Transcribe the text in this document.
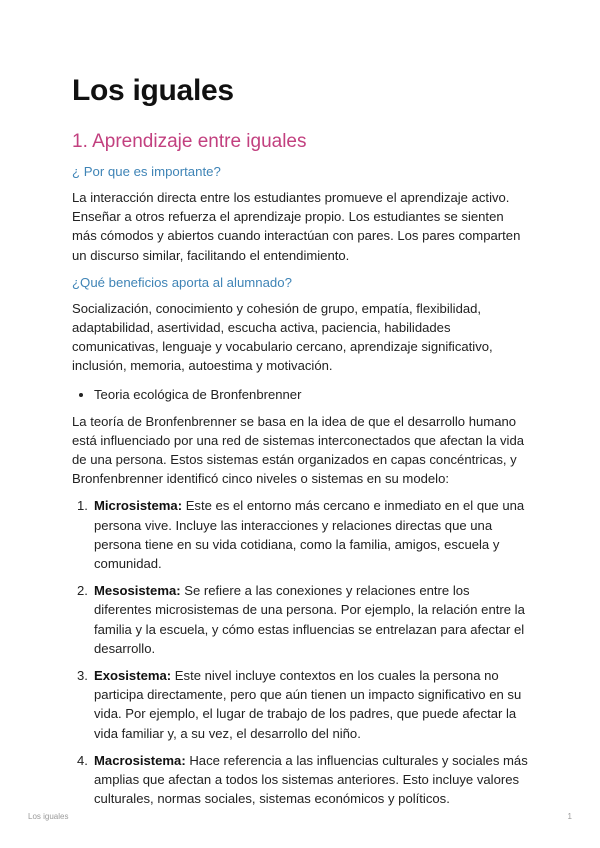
Los iguales
1. Aprendizaje entre iguales
¿ Por que es importante?

La interacción directa entre los estudiantes promueve el aprendizaje activo. Enseñar a otros refuerza el aprendizaje propio. Los estudiantes se sienten más cómodos y abiertos cuando interactúan con pares. Los pares comparten un discurso similar, facilitando el entendimiento.

¿Qué beneficios aporta al alumnado?

Socialización, conocimiento y cohesión de grupo, empatía, flexibilidad, adaptabilidad, asertividad, escucha activa, paciencia, habilidades comunicativas, lenguaje y vocabulario cercano, aprendizaje significativo, inclusión, memoria, autoestima y motivación.

Teoria ecológica de Bronfenbrenner

La teoría de Bronfenbrenner se basa en la idea de que el desarrollo humano está influenciado por una red de sistemas interconectados que afectan la vida de una persona. Estos sistemas están organizados en capas concéntricas, y Bronfenbrenner identificó cinco niveles o sistemas en su modelo:

1. Microsistema: Este es el entorno más cercano e inmediato en el que una persona vive. Incluye las interacciones y relaciones directas que una persona tiene en su vida cotidiana, como la familia, amigos, escuela y comunidad.
2. Mesosistema: Se refiere a las conexiones y relaciones entre los diferentes microsistemas de una persona. Por ejemplo, la relación entre la familia y la escuela, y cómo estas influencias se entrelazan para afectar el desarrollo.
3. Exosistema: Este nivel incluye contextos en los cuales la persona no participa directamente, pero que aún tienen un impacto significativo en su vida. Por ejemplo, el lugar de trabajo de los padres, que puede afectar la vida familiar y, a su vez, el desarrollo del niño.
4. Macrosistema: Hace referencia a las influencias culturales y sociales más amplias que afectan a todos los sistemas anteriores. Esto incluye valores culturales, normas sociales, sistemas económicos y políticos.
Los iguales	1
